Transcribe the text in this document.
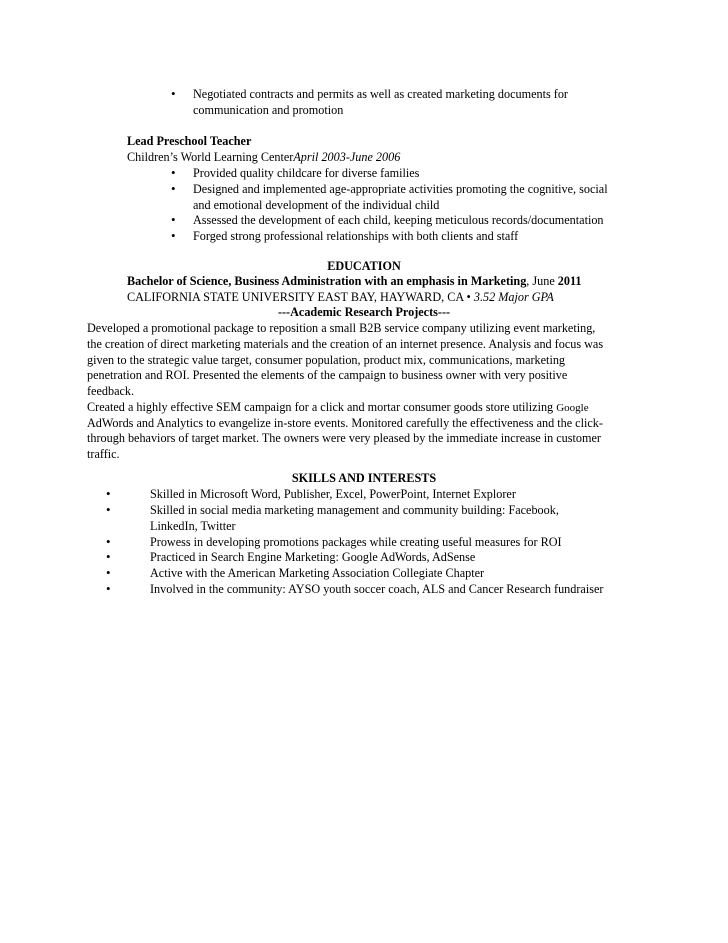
• Negotiated contracts and permits as well as created marketing documents for
communication and promotion
Lead Preschool Teacher
Children’s World Learning CenterApril 2003-June 2006
• Provided quality childcare for diverse families
• Designed and implemented age-appropriate activities promoting the cognitive, social
and emotional development of the individual child
• Assessed the development of each child, keeping meticulous records/documentation
• Forged strong professional relationships with both clients and staff
EDUCATION
Bachelor of Science, Business Administration with an emphasis in Marketing, June 2011
CALIFORNIA STATE UNIVERSITY EAST BAY, HAYWARD, CA • 3.52 Major GPA
---Academic Research Projects---
Developed a promotional package to reposition a small B2B service company utilizing event marketing,
the creation of direct marketing materials and the creation of an internet presence. Analysis and focus was
given to the strategic value target, consumer population, product mix, communications, marketing
penetration and ROI. Presented the elements of the campaign to business owner with very positive
feedback.
Created a highly effective SEM campaign for a click and mortar consumer goods store utilizing Google
AdWords and Analytics to evangelize in-store events. Monitored carefully the effectiveness and the click-
through behaviors of target market. The owners were very pleased by the immediate increase in customer
traffic.
SKILLS AND INTERESTS
•	Skilled in Microsoft Word, Publisher, Excel, PowerPoint, Internet Explorer
•	Skilled in social media marketing management and community building: Facebook,
LinkedIn, Twitter
•	Prowess in developing promotions packages while creating useful measures for ROI
•	Practiced in Search Engine Marketing: Google AdWords, AdSense
•	Active with the American Marketing Association Collegiate Chapter
•	Involved in the community: AYSO youth soccer coach, ALS and Cancer Research fundraiser
